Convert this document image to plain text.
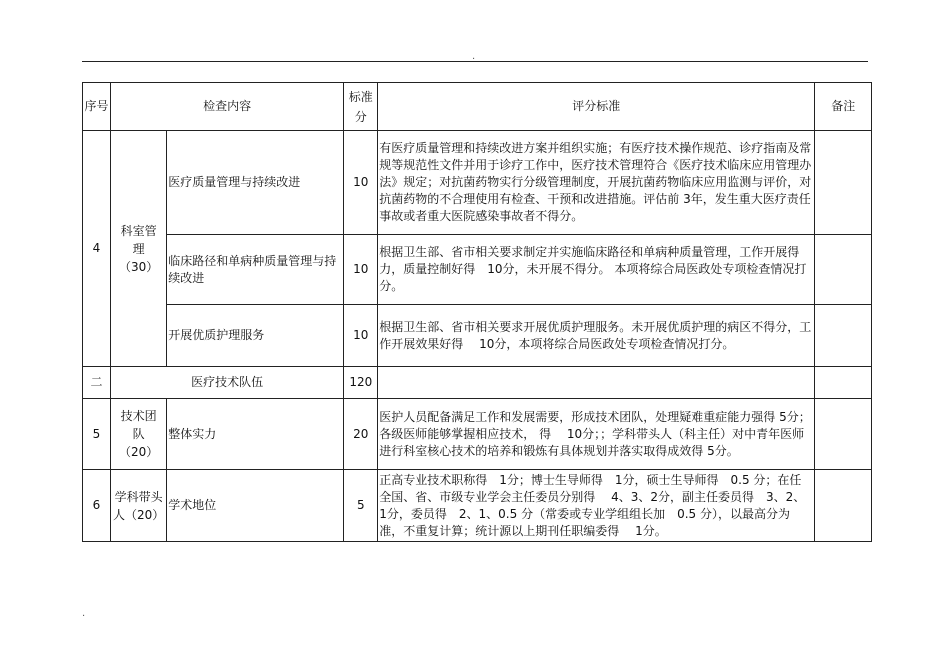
.
序号	检查内容		标准分	评分标准	备注
4	科室管理（30）	医疗质量管理与持续改进	10	有医疗质量管理和持续改进方案并组织实施；有医疗技术操作规范、诊疗指南及常规等规范性文件并用于诊疗工作中，医疗技术管理符合《医疗技术临床应用管理办法》规定；对抗菌药物实行分级管理制度，开展抗菌药物临床应用监测与评价，对抗菌药物的不合理使用有检查、干预和改进措施。评估前 3年，发生重大医疗责任事故或者重大医院感染事故者不得分。	
		临床路径和单病种质量管理与持续改进	10	根据卫生部、省市相关要求制定并实施临床路径和单病种质量管理，工作开展得力，质量控制好得　10分，未开展不得分。 本项将综合局医政处专项检查情况打分。	
		开展优质护理服务	10	根据卫生部、省市相关要求开展优质护理服务。未开展优质护理的病区不得分，工作开展效果好得　 10分，本项将综合局医政处专项检查情况打分。	
二	医疗技术队伍		120		
5	技术团队（20）	整体实力	20	医护人员配备满足工作和发展需要，形成技术团队，处理疑难重症能力强得 5分；各级医师能够掌握相应技术， 得　 10分；；学科带头人（科主任）对中青年医师进行科室核心技术的培养和锻炼有具体规划并落实取得成效得 5分。	
6	学科带头人（20）	学术地位	5	正高专业技术职称得　1分；博士生导师得　1分，硕士生导师得　0.5 分；在任全国、省、市级专业学会主任委员分别得　 4、3、2分，副主任委员得　3、2、1分，委员得　2、1、0.5 分（常委或专业学组组长加　0.5 分），以最高分为准，不重复计算；统计源以上期刊任职编委得　 1分。	
.
